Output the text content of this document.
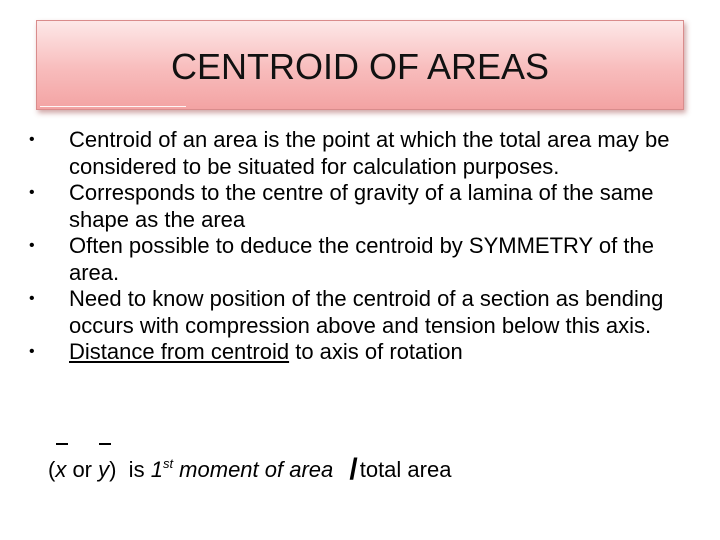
CENTROID OF AREAS
• Centroid of an area is the point at which the total area may be considered to be situated for calculation purposes.
• Corresponds to the centre of gravity of a lamina of the same shape as the area
• Often possible to deduce the centroid by SYMMETRY of the area.
• Need to know position of the centroid of a section as bending occurs with compression above and tension below this axis.
• Distance from centroid to axis of rotation
(x or y)  is 1st moment of area /total area
